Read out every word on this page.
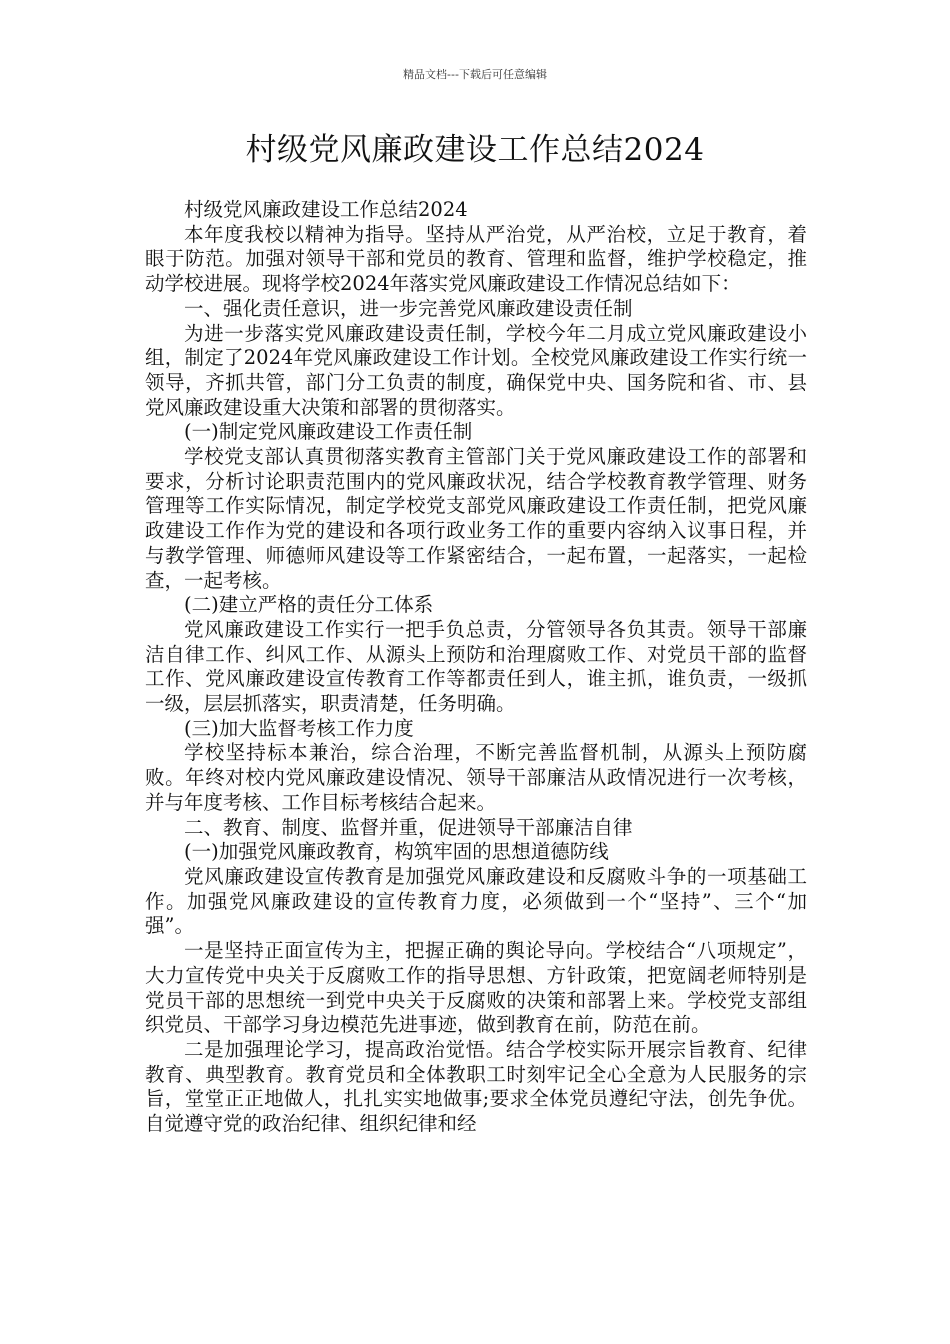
精品文档---下载后可任意编辑
村级党风廉政建设工作总结2024

村级党风廉政建设工作总结2024

本年度我校以精神为指导。坚持从严治党，从严治校，立足于教育，着眼于防范。加强对领导干部和党员的教育、管理和监督，维护学校稳定，推动学校进展。现将学校2024年落实党风廉政建设工作情况总结如下：

一、强化责任意识，进一步完善党风廉政建设责任制

为进一步落实党风廉政建设责任制，学校今年二月成立党风廉政建设小组，制定了2024年党风廉政建设工作计划。全校党风廉政建设工作实行统一领导，齐抓共管，部门分工负责的制度，确保党中央、国务院和省、市、县党风廉政建设重大决策和部署的贯彻落实。

(一)制定党风廉政建设工作责任制

学校党支部认真贯彻落实教育主管部门关于党风廉政建设工作的部署和要求，分析讨论职责范围内的党风廉政状况，结合学校教育教学管理、财务管理等工作实际情况，制定学校党支部党风廉政建设工作责任制，把党风廉政建设工作作为党的建设和各项行政业务工作的重要内容纳入议事日程，并与教学管理、师德师风建设等工作紧密结合，一起布置，一起落实，一起检查，一起考核。

(二)建立严格的责任分工体系

党风廉政建设工作实行一把手负总责，分管领导各负其责。领导干部廉洁自律工作、纠风工作、从源头上预防和治理腐败工作、对党员干部的监督工作、党风廉政建设宣传教育工作等都责任到人，谁主抓，谁负责，一级抓一级，层层抓落实，职责清楚，任务明确。

(三)加大监督考核工作力度

学校坚持标本兼治，综合治理，不断完善监督机制，从源头上预防腐败。年终对校内党风廉政建设情况、领导干部廉洁从政情况进行一次考核，并与年度考核、工作目标考核结合起来。

二、教育、制度、监督并重，促进领导干部廉洁自律

(一)加强党风廉政教育，构筑牢固的思想道德防线

党风廉政建设宣传教育是加强党风廉政建设和反腐败斗争的一项基础工作。加强党风廉政建设的宣传教育力度，必须做到一个“坚持”、三个“加强”。

一是坚持正面宣传为主，把握正确的舆论导向。学校结合“八项规定”，大力宣传党中央关于反腐败工作的指导思想、方针政策，把宽阔老师特别是党员干部的思想统一到党中央关于反腐败的决策和部署上来。学校党支部组织党员、干部学习身边模范先进事迹，做到教育在前，防范在前。

二是加强理论学习，提高政治觉悟。结合学校实际开展宗旨教育、纪律教育、典型教育。教育党员和全体教职工时刻牢记全心全意为人民服务的宗旨，堂堂正正地做人，扎扎实实地做事;要求全体党员遵纪守法，创先争优。自觉遵守党的政治纪律、组织纪律和经
